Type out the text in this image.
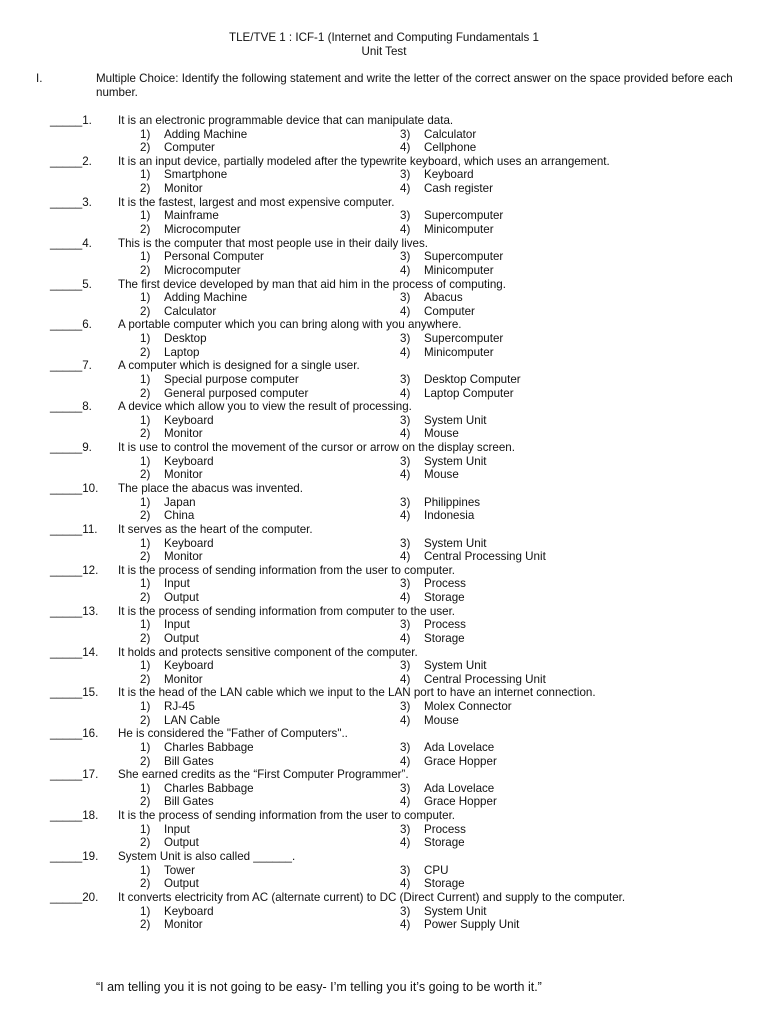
TLE/TVE 1 : ICF-1 (Internet and Computing Fundamentals 1
Unit Test
I.	Multiple Choice: Identify the following statement and write the letter of the correct answer on the space provided before each number.
_____1. It is an electronic programmable device that can manipulate data.
1) Adding Machine	3) Calculator
2) Computer	4) Cellphone
_____2. It is an input device, partially modeled after the typewrite keyboard, which uses an arrangement.
1) Smartphone	3) Keyboard
2) Monitor	4) Cash register
_____3. It is the fastest, largest and most expensive computer.
1) Mainframe	3) Supercomputer
2) Microcomputer	4) Minicomputer
_____4. This is the computer that most people use in their daily lives.
1) Personal Computer	3) Supercomputer
2) Microcomputer	4) Minicomputer
_____5. The first device developed by man that aid him in the process of computing.
1) Adding Machine	3) Abacus
2) Calculator	4) Computer
_____6. A portable computer which you can bring along with you anywhere.
1) Desktop	3) Supercomputer
2) Laptop	4) Minicomputer
_____7. A computer which is designed for a single user.
1) Special purpose computer	3) Desktop Computer
2) General purposed computer	4) Laptop Computer
_____8. A device which allow you to view the result of processing.
1) Keyboard	3) System Unit
2) Monitor	4) Mouse
_____9. It is use to control the movement of the cursor or arrow on the display screen.
1) Keyboard	3) System Unit
2) Monitor	4) Mouse
_____10. The place the abacus was invented.
1) Japan	3) Philippines
2) China	4) Indonesia
_____11. It serves as the heart of the computer.
1) Keyboard	3) System Unit
2) Monitor	4) Central Processing Unit
_____12. It is the process of sending information from the user to computer.
1) Input	3) Process
2) Output	4) Storage
_____13. It is the process of sending information from computer to the user.
1) Input	3) Process
2) Output	4) Storage
_____14. It holds and protects sensitive component of the computer.
1) Keyboard	3) System Unit
2) Monitor	4) Central Processing Unit
_____15. It is the head of the LAN cable which we input to the LAN port to have an internet connection.
1) RJ-45	3) Molex Connector
2) LAN Cable	4) Mouse
_____16. He is considered the "Father of Computers"..
1) Charles Babbage	3) Ada Lovelace
2) Bill Gates	4) Grace Hopper
_____17. She earned credits as the “First Computer Programmer”.
1) Charles Babbage	3) Ada Lovelace
2) Bill Gates	4) Grace Hopper
_____18. It is the process of sending information from the user to computer.
1) Input	3) Process
2) Output	4) Storage
_____19. System Unit is also called ______.
1) Tower	3) CPU
2) Output	4) Storage
_____20. It converts electricity from AC (alternate current) to DC (Direct Current) and supply to the computer.
1) Keyboard	3) System Unit
2) Monitor	4) Power Supply Unit
“I am telling you it is not going to be easy- I’m telling you it’s going to be worth it.”
